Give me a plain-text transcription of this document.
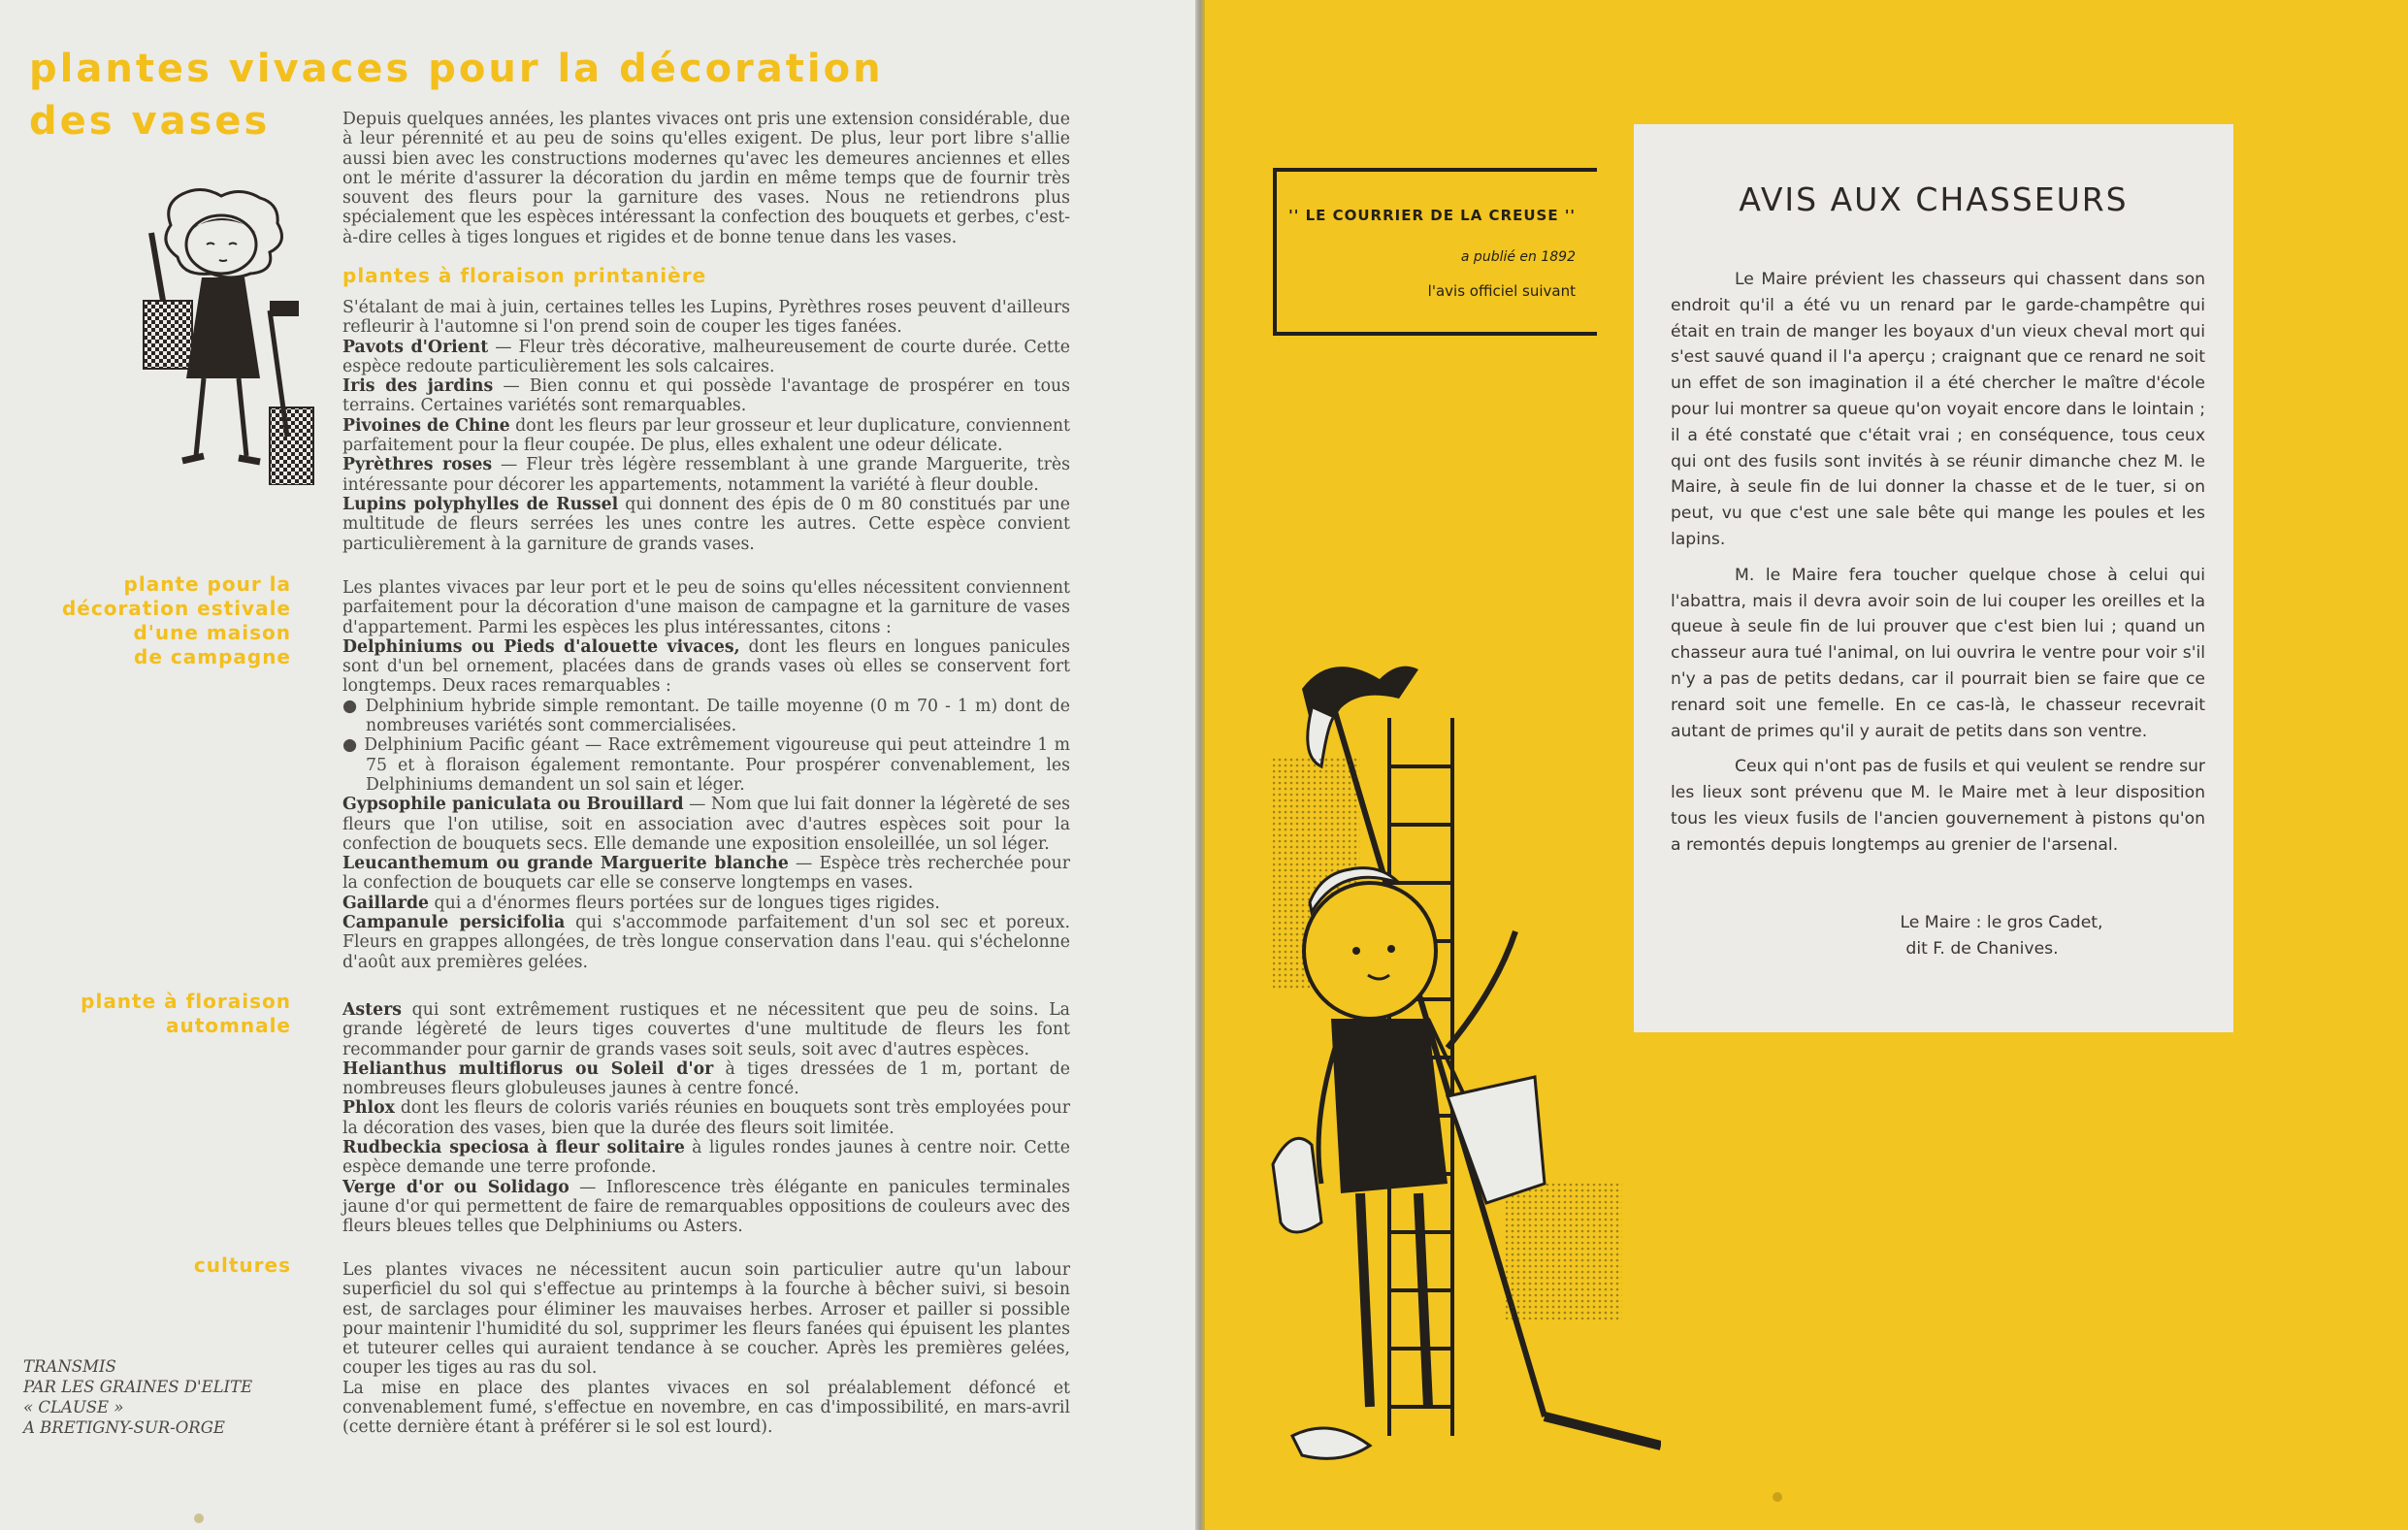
plantes vivaces pour la décoration
des vases	Depuis quelques années, les plantes vivaces ont pris une extension considérable, due à leur pérennité et au peu de soins qu'elles exigent. De plus, leur port libre s'allie aussi bien avec les constructions modernes qu'avec les demeures anciennes et elles ont le mérite d'assurer la décoration du jardin en même temps que de fournir très souvent des fleurs pour la garniture des vases. Nous ne retiendrons plus spécialement que les espèces intéressant la confection des bouquets et gerbes, c'est-à-dire celles à tiges longues et rigides et de bonne tenue dans les vases.

plantes à floraison printanière

S'étalant de mai à juin, certaines telles les Lupins, Pyrèthres roses peuvent d'ailleurs refleurir à l'automne si l'on prend soin de couper les tiges fanées.

Pavots d'Orient — Fleur très décorative, malheureusement de courte durée. Cette espèce redoute particulièrement les sols calcaires.

Iris des jardins — Bien connu et qui possède l'avantage de prospérer en tous terrains. Certaines variétés sont remarquables.

Pivoines de Chine dont les fleurs par leur grosseur et leur duplicature, conviennent parfaitement pour la fleur coupée. De plus, elles exhalent une odeur délicate.

Pyrèthres roses — Fleur très légère ressemblant à une grande Marguerite, très intéressante pour décorer les appartements, notamment la variété à fleur double.

Lupins polyphylles de Russel qui donnent des épis de 0 m 80 constitués par une multitude de fleurs serrées les unes contre les autres. Cette espèce convient particulièrement à la garniture de grands vases.

plante pour la
décoration estivale
d'une maison
de campagne

Les plantes vivaces par leur port et le peu de soins qu'elles nécessitent conviennent parfaitement pour la décoration d'une maison de campagne et la garniture de vases d'appartement. Parmi les espèces les plus intéressantes, citons :

Delphiniums ou Pieds d'alouette vivaces, dont les fleurs en longues panicules sont d'un bel ornement, placées dans de grands vases où elles se conservent fort longtemps. Deux races remarquables :

● Delphinium hybride simple remontant. De taille moyenne (0 m 70 - 1 m) dont de nombreuses variétés sont commercialisées.

● Delphinium Pacific géant — Race extrêmement vigoureuse qui peut atteindre 1 m 75 et à floraison également remontante. Pour prospérer convenablement, les Delphiniums demandent un sol sain et léger.

Gypsophile paniculata ou Brouillard — Nom que lui fait donner la légèreté de ses fleurs que l'on utilise, soit en association avec d'autres espèces soit pour la confection de bouquets secs. Elle demande une exposition ensoleillée, un sol léger.

Leucanthemum ou grande Marguerite blanche — Espèce très recherchée pour la confection de bouquets car elle se conserve longtemps en vases.

Gaillarde qui a d'énormes fleurs portées sur de longues tiges rigides.

Campanule persicifolia qui s'accommode parfaitement d'un sol sec et poreux. Fleurs en grappes allongées, de très longue conservation dans l'eau. qui s'échelonne d'août aux premières gelées.

plante à floraison
automnale

Asters qui sont extrêmement rustiques et ne nécessitent que peu de soins. La grande légèreté de leurs tiges couvertes d'une multitude de fleurs les font recommander pour garnir de grands vases soit seuls, soit avec d'autres espèces.

Helianthus multiflorus ou Soleil d'or à tiges dressées de 1 m, portant de nombreuses fleurs globuleuses jaunes à centre foncé.

Phlox dont les fleurs de coloris variés réunies en bouquets sont très employées pour la décoration des vases, bien que la durée des fleurs soit limitée.

Rudbeckia speciosa à fleur solitaire à ligules rondes jaunes à centre noir. Cette espèce demande une terre profonde.

Verge d'or ou Solidago — Inflorescence très élégante en panicules terminales jaune d'or qui permettent de faire de remarquables oppositions de couleurs avec des fleurs bleues telles que Delphiniums ou Asters.

cultures	Les plantes vivaces ne nécessitent aucun soin particulier autre qu'un labour superficiel du sol qui s'effectue au printemps à la fourche à bêcher suivi, si besoin est, de sarclages pour éliminer les mauvaises herbes. Arroser et pailler si possible pour maintenir l'humidité du sol, supprimer les fleurs fanées qui épuisent les plantes et tuteurer celles qui auraient tendance à se coucher. Après les premières gelées, couper les tiges au ras du sol.

La mise en place des plantes vivaces en sol préalablement défoncé et convenablement fumé, s'effectue en novembre, en cas d'impossibilité, en mars-avril (cette dernière étant à préférer si le sol est lourd).

TRANSMIS
PAR LES GRAINES D'ELITE
« CLAUSE »
A BRETIGNY-SUR-ORGE
'' LE COURRIER DE LA CREUSE ''
a publié en 1892
l'avis officiel suivant
AVIS AUX CHASSEURS

Le Maire prévient les chasseurs qui chassent dans son endroit qu'il a été vu un renard par le garde-champêtre qui était en train de manger les boyaux d'un vieux cheval mort qui s'est sauvé quand il l'a aperçu ; craignant que ce renard ne soit un effet de son imagination il a été chercher le maître d'école pour lui montrer sa queue qu'on voyait encore dans le lointain ; il a été constaté que c'était vrai ; en conséquence, tous ceux qui ont des fusils sont invités à se réunir dimanche chez M. le Maire, à seule fin de lui donner la chasse et de le tuer, si on peut, vu que c'est une sale bête qui mange les poules et les lapins.

M. le Maire fera toucher quelque chose à celui qui l'abattra, mais il devra avoir soin de lui couper les oreilles et la queue à seule fin de lui prouver que c'est bien lui ; quand un chasseur aura tué l'animal, on lui ouvrira le ventre pour voir s'il n'y a pas de petits dedans, car il pourrait bien se faire que ce renard soit une femelle. En ce cas-là, le chasseur recevrait autant de primes qu'il y aurait de petits dans son ventre.

Ceux qui n'ont pas de fusils et qui veulent se rendre sur les lieux sont prévenu que M. le Maire met à leur disposition tous les vieux fusils de l'ancien gouvernement à pistons qu'on a remontés depuis longtemps au grenier de l'arsenal.

Le Maire : le gros Cadet,
dit F. de Chanives.
